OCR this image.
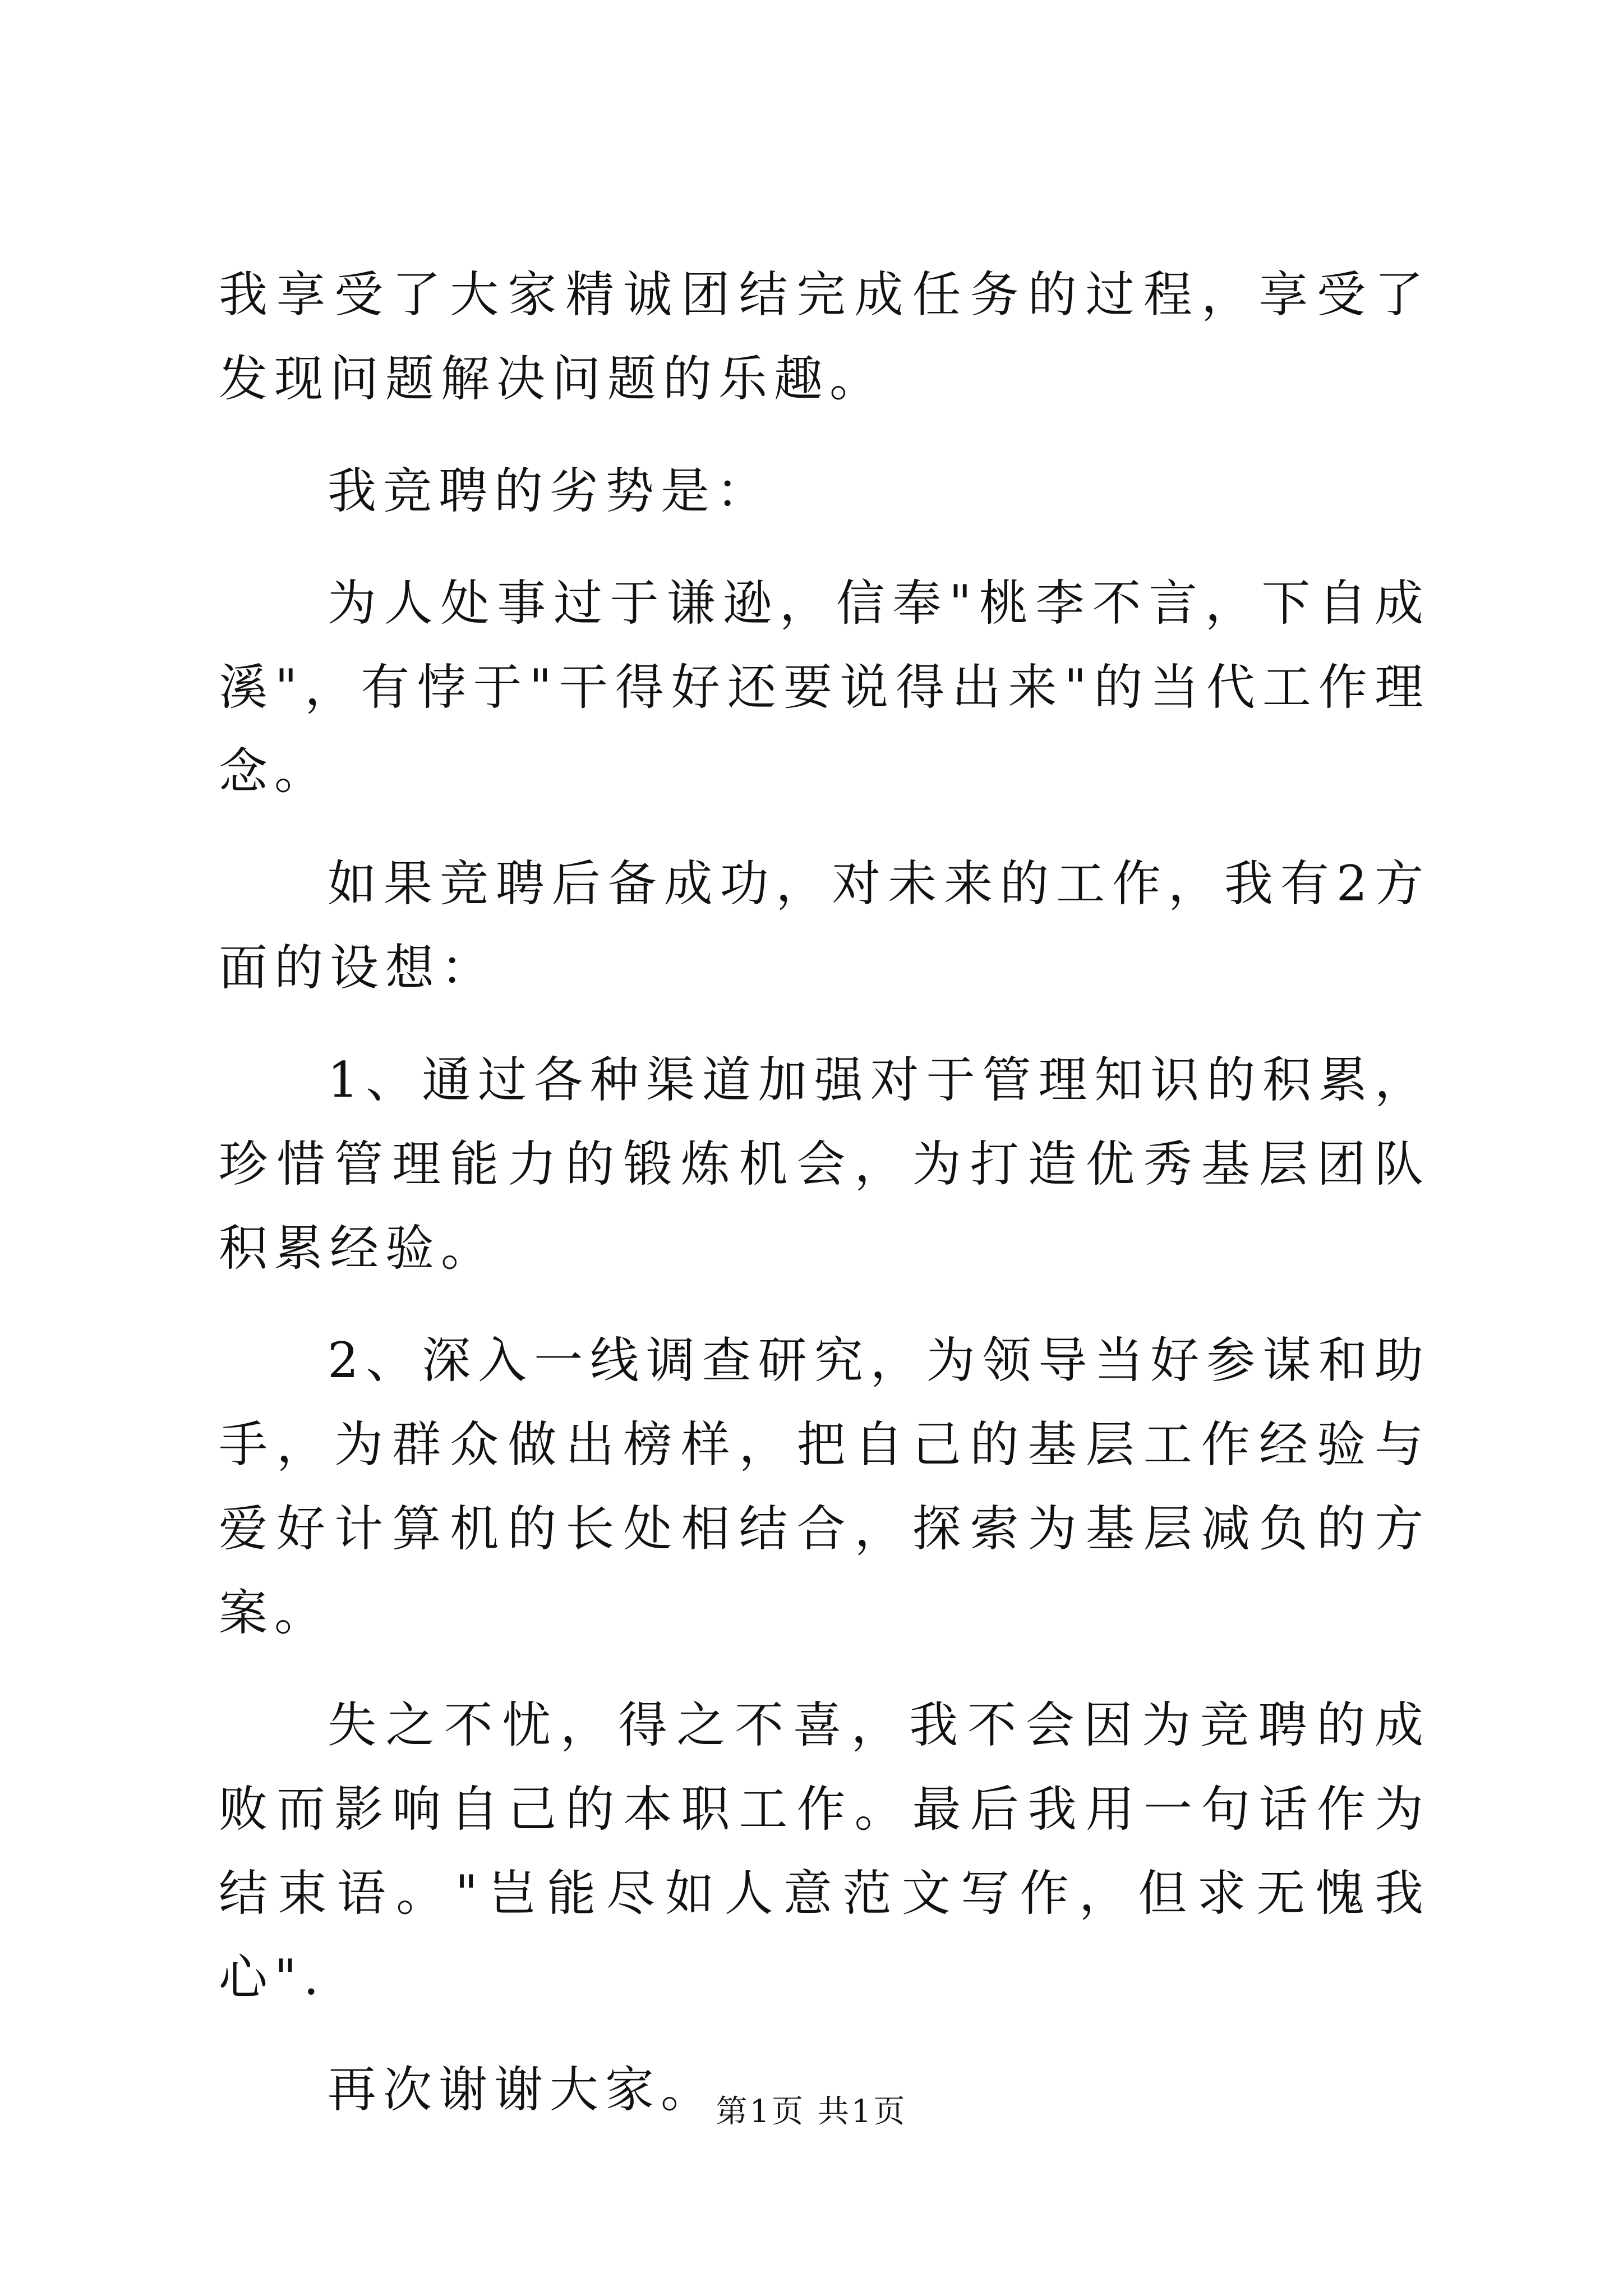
我享受了大家精诚团结完成任务的过程，享受了发现问题解决问题的乐趣。

我竞聘的劣势是：

为人处事过于谦逊，信奉"桃李不言，下自成溪"，有悖于"干得好还要说得出来"的当代工作理念。

如果竞聘后备成功，对未来的工作，我有2方面的设想：

1、通过各种渠道加强对于管理知识的积累，珍惜管理能力的锻炼机会，为打造优秀基层团队积累经验。

2、深入一线调查研究，为领导当好参谋和助手，为群众做出榜样，把自己的基层工作经验与爱好计算机的长处相结合，探索为基层减负的方案。

失之不忧，得之不喜，我不会因为竞聘的成败而影响自己的本职工作。最后我用一句话作为结束语。"岂能尽如人意范文写作，但求无愧我心".

再次谢谢大家。 第1页 共1页
